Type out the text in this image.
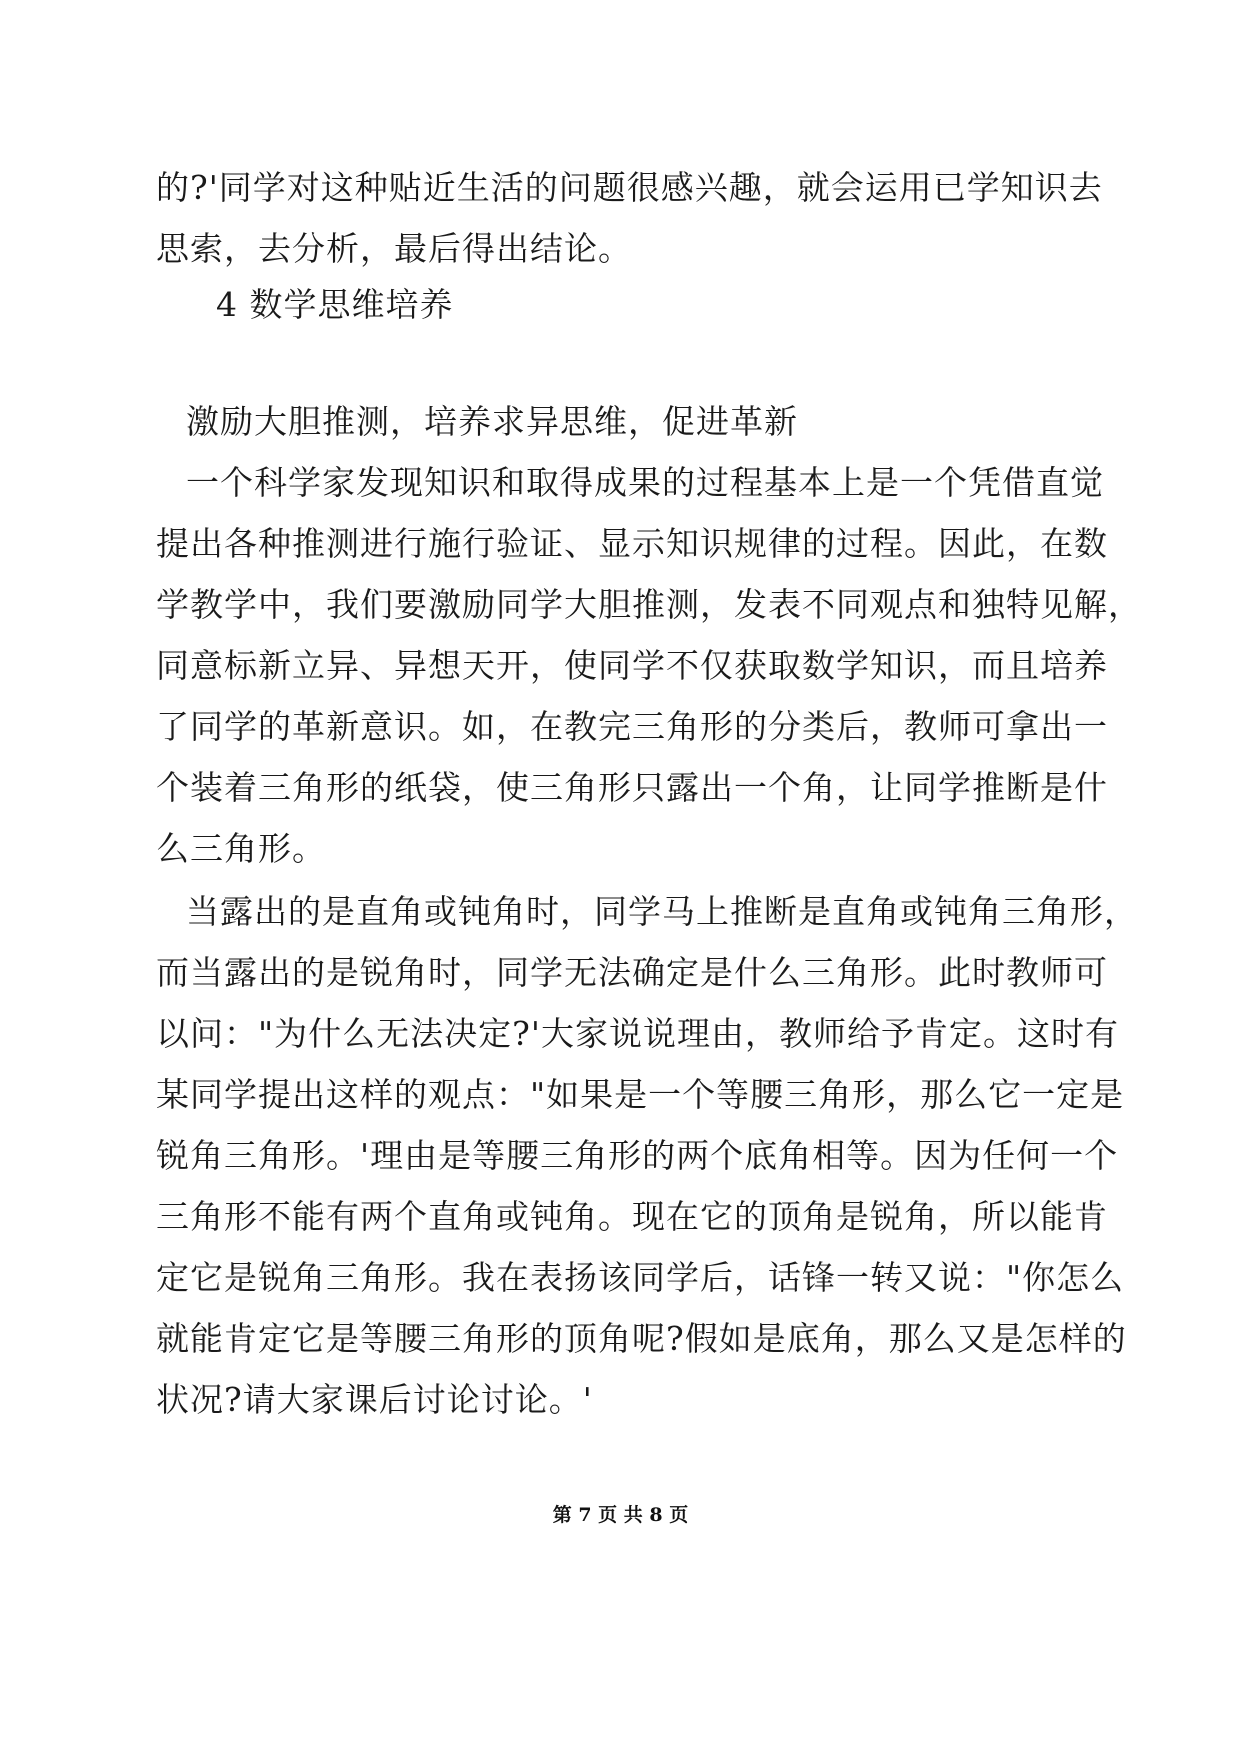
的?'同学对这种贴近生活的问题很感兴趣，就会运用已学知识去
思索，去分析，最后得出结论。
4 数学思维培养
激励大胆推测，培养求异思维，促进革新
一个科学家发现知识和取得成果的过程基本上是一个凭借直觉
提出各种推测进行施行验证、显示知识规律的过程。因此，在数
学教学中，我们要激励同学大胆推测，发表不同观点和独特见解，
同意标新立异、异想天开，使同学不仅获取数学知识，而且培养
了同学的革新意识。如，在教完三角形的分类后，教师可拿出一
个装着三角形的纸袋，使三角形只露出一个角，让同学推断是什
么三角形。
当露出的是直角或钝角时，同学马上推断是直角或钝角三角形，
而当露出的是锐角时，同学无法确定是什么三角形。此时教师可
以问："为什么无法决定?'大家说说理由，教师给予肯定。这时有
某同学提出这样的观点："如果是一个等腰三角形，那么它一定是
锐角三角形。'理由是等腰三角形的两个底角相等。因为任何一个
三角形不能有两个直角或钝角。现在它的顶角是锐角，所以能肯
定它是锐角三角形。我在表扬该同学后，话锋一转又说："你怎么
就能肯定它是等腰三角形的顶角呢?假如是底角，那么又是怎样的
状况?请大家课后讨论讨论。'
第 7 页 共 8 页
